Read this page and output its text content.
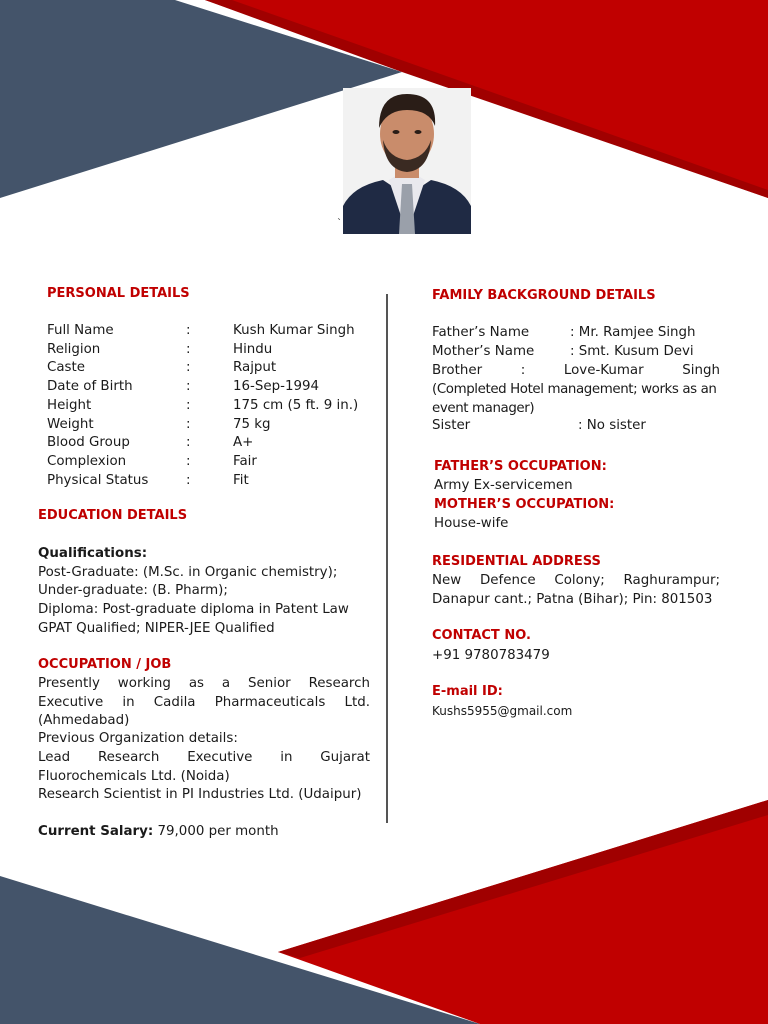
`
PERSONAL DETAILS
Full Name	:	Kush Kumar Singh
Religion	:	Hindu
Caste	:	Rajput
Date of Birth	:	16-Sep-1994
Height	:	175 cm (5 ft. 9 in.)
Weight	:	75 kg
Blood Group	:	A+
Complexion	:	Fair
Physical Status	:	Fit
EDUCATION DETAILS
Qualifications:
Post-Graduate: (M.Sc. in Organic chemistry);
Under-graduate: (B. Pharm);
Diploma: Post-graduate diploma in Patent Law
GPAT Qualified; NIPER-JEE Qualified
OCCUPATION / JOB
Presently working as a Senior Research Executive in Cadila Pharmaceuticals Ltd. (Ahmedabad)
Previous Organization details:
Lead Research Executive in Gujarat Fluorochemicals Ltd. (Noida)
Research Scientist in PI Industries Ltd. (Udaipur)
Current Salary: 79,000 per month
FAMILY BACKGROUND DETAILS
Father’s Name	: Mr. Ramjee Singh
Mother’s Name	: Smt. Kusum Devi
Brother : Love-Kumar Singh
(Completed Hotel management; works as an event manager)
Sister	: No sister
FATHER’S OCCUPATION:
Army Ex-servicemen
MOTHER’S OCCUPATION:
House-wife
RESIDENTIAL ADDRESS
New Defence Colony; Raghurampur; Danapur cant.; Patna (Bihar); Pin: 801503
CONTACT NO.
+91 9780783479
E-mail ID:
Kushs5955@gmail.com
